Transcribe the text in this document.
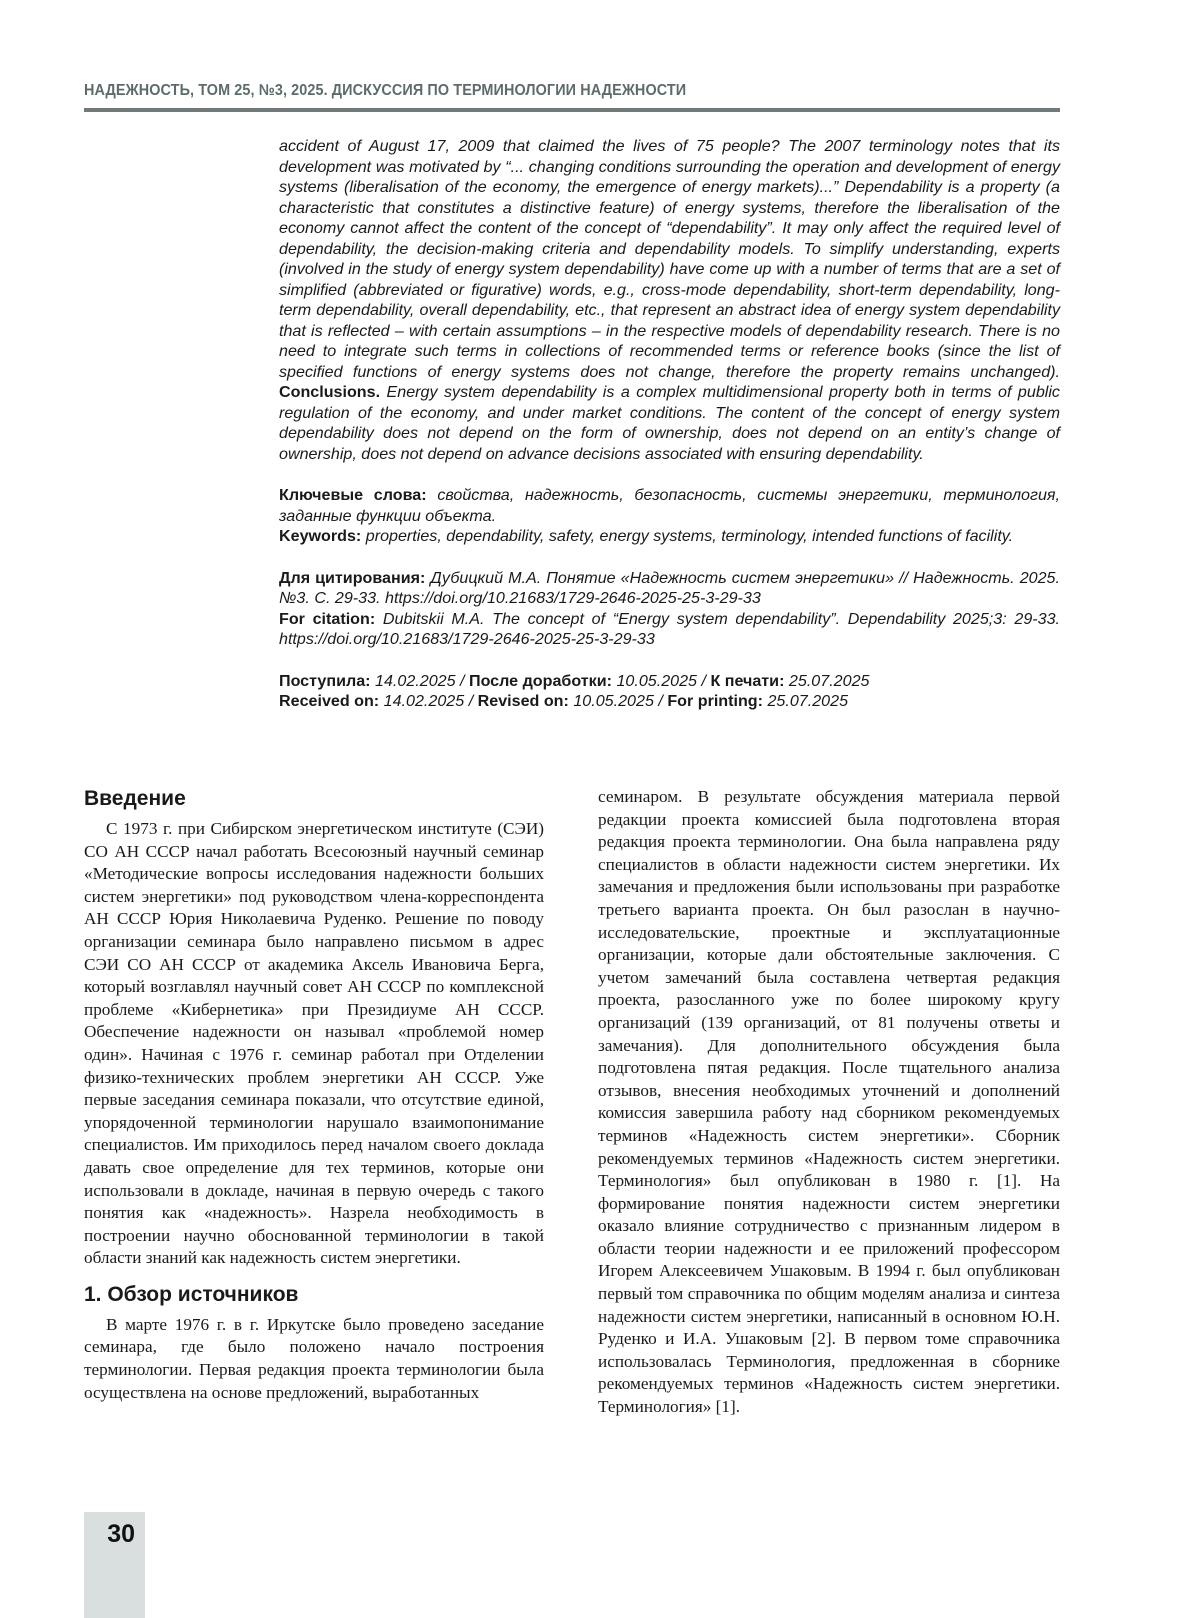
НАДЕЖНОСТЬ, ТОМ 25, №3, 2025. ДИСКУССИЯ ПО ТЕРМИНОЛОГИИ НАДЕЖНОСТИ

accident of August 17, 2009 that claimed the lives of 75 people? The 2007 terminology notes that its development was motivated by “... changing conditions surrounding the operation and development of energy systems (liberalisation of the economy, the emergence of energy markets)...” Dependability is a property (a characteristic that constitutes a distinctive feature) of energy systems, therefore the liberalisation of the economy cannot affect the content of the concept of “dependability”. It may only affect the required level of dependability, the decision-making criteria and dependability models. To simplify understanding, experts (involved in the study of energy system dependability) have come up with a number of terms that are a set of simplified (abbreviated or figurative) words, e.g., cross-mode dependability, short-term dependability, long-term dependability, overall dependability, etc., that represent an abstract idea of energy system dependability that is reflected – with certain assumptions – in the respective models of dependability research. There is no need to integrate such terms in collections of recommended terms or reference books (since the list of specified functions of energy systems does not change, therefore the property remains unchanged). Conclusions. Energy system dependability is a complex multidimensional property both in terms of public regulation of the economy, and under market conditions. The content of the concept of energy system dependability does not depend on the form of ownership, does not depend on an entity’s change of ownership, does not depend on advance decisions associated with ensuring dependability.

Ключевые слова: свойства, надежность, безопасность, системы энергетики, терминология, заданные функции объекта.

Keywords: properties, dependability, safety, energy systems, terminology, intended functions of facility.

Для цитирования: Дубицкий М.А. Понятие «Надежность систем энергетики» // Надежность. 2025. №3. С. 29-33. https://doi.org/10.21683/1729-2646-2025-25-3-29-33

For citation: Dubitskii M.A. The concept of “Energy system dependability”. Dependability 2025;3: 29-33. https://doi.org/10.21683/1729-2646-2025-25-3-29-33

Поступила: 14.02.2025 / После доработки: 10.05.2025 / К печати: 25.07.2025

Received on: 14.02.2025 / Revised on: 10.05.2025 / For printing: 25.07.2025

Введение

С 1973 г. при Сибирском энергетическом институте (СЭИ) СО АН СССР начал работать Всесоюзный научный семинар «Методические вопросы исследования надежности больших систем энергетики» под руководством члена-корреспондента АН СССР Юрия Николаевича Руденко. Решение по поводу организации семинара было направлено письмом в адрес СЭИ СО АН СССР от академика Аксель Ивановича Берга, который возглавлял научный совет АН СССР по комплексной проблеме «Кибернетика» при Президиуме АН СССР. Обеспечение надежности он называл «проблемой номер один». Начиная с 1976 г. семинар работал при Отделении физико-технических проблем энергетики АН СССР. Уже первые заседания семинара показали, что отсутствие единой, упорядоченной терминологии нарушало взаимопонимание специалистов. Им приходилось перед началом своего доклада давать свое определение для тех терминов, которые они использовали в докладе, начиная в первую очередь с такого понятия как «надежность». Назрела необходимость в построении научно обоснованной терминологии в такой области знаний как надежность систем энергетики.

1. Обзор источников

В марте 1976 г. в г. Иркутске было проведено заседание семинара, где было положено начало построения терминологии. Первая редакция проекта терминологии была осуществлена на основе предложений, выработанных

семинаром. В результате обсуждения материала первой редакции проекта комиссией была подготовлена вторая редакция проекта терминологии. Она была направлена ряду специалистов в области надежности систем энергетики. Их замечания и предложения были использованы при разработке третьего варианта проекта. Он был разослан в научно-исследовательские, проектные и эксплуатационные организации, которые дали обстоятельные заключения. С учетом замечаний была составлена четвертая редакция проекта, разосланного уже по более широкому кругу организаций (139 организаций, от 81 получены ответы и замечания). Для дополнительного обсуждения была подготовлена пятая редакция. После тщательного анализа отзывов, внесения необходимых уточнений и дополнений комиссия завершила работу над сборником рекомендуемых терминов «Надежность систем энергетики». Сборник рекомендуемых терминов «Надежность систем энергетики. Терминология» был опубликован в 1980 г. [1]. На формирование понятия надежности систем энергетики оказало влияние сотрудничество с признанным лидером в области теории надежности и ее приложений профессором Игорем Алексеевичем Ушаковым. В 1994 г. был опубликован первый том справочника по общим моделям анализа и синтеза надежности систем энергетики, написанный в основном Ю.Н. Руденко и И.А. Ушаковым [2]. В первом томе справочника использовалась Терминология, предложенная в сборнике рекомендуемых терминов «Надежность систем энергетики. Терминология» [1].

30
